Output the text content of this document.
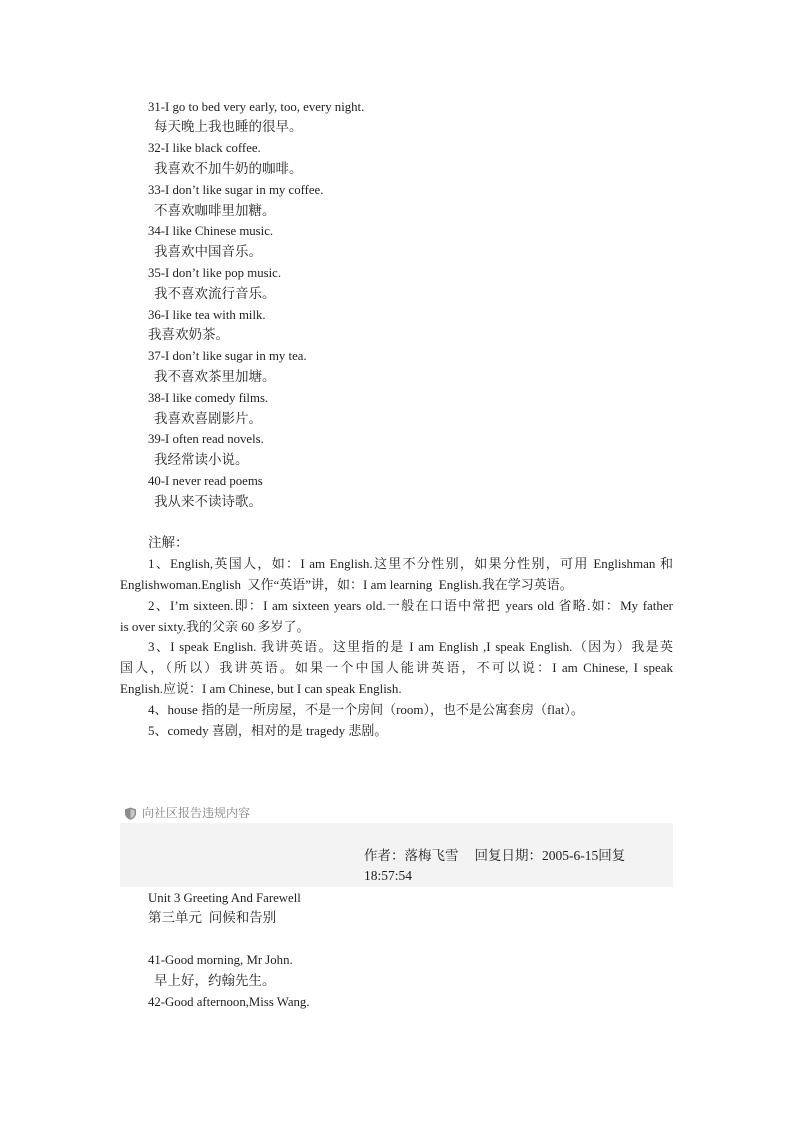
31-I go to bed very early, too, every night.
每天晚上我也睡的很早。
32-I like black coffee.
我喜欢不加牛奶的咖啡。
33-I don’t like sugar in my coffee.
不喜欢咖啡里加糖。
34-I like Chinese music.
我喜欢中国音乐。
35-I don’t like pop music.
我不喜欢流行音乐。
36-I like tea with milk.
我喜欢奶茶。
37-I don’t like sugar in my tea.
我不喜欢茶里加塘。
38-I like comedy films.
我喜欢喜剧影片。
39-I often read novels.
我经常读小说。
40-I never read poems
我从来不读诗歌。
注解：
1、English,英国人，如：I am English.这里不分性别，如果分性别，可用 Englishman 和
Englishwoman.English  又作“英语”讲，如：I am learning  English.我在学习英语。
2、I’m sixteen.即：I am sixteen years old.一般在口语中常把 years old 省略.如：My father
is over sixty.我的父亲 60 多岁了。
3、I speak English. 我讲英语。这里指的是 I am English ,I speak English.（因为）我是英
国人，（所以）我讲英语。如果一个中国人能讲英语，不可以说：I am Chinese, I speak
English.应说：I am Chinese, but I can speak English.
4、house 指的是一所房屋，不是一个房间（room），也不是公寓套房（flat）。
5、comedy 喜剧，相对的是 tragedy 悲剧。
向社区报告违规内容
作者：落梅飞雪 回复日期：2005-6-15回复
18:57:54
Unit 3 Greeting And Farewell
第三单元  问候和告别
41-Good morning, Mr John.
早上好，约翰先生。
42-Good afternoon,Miss Wang.
